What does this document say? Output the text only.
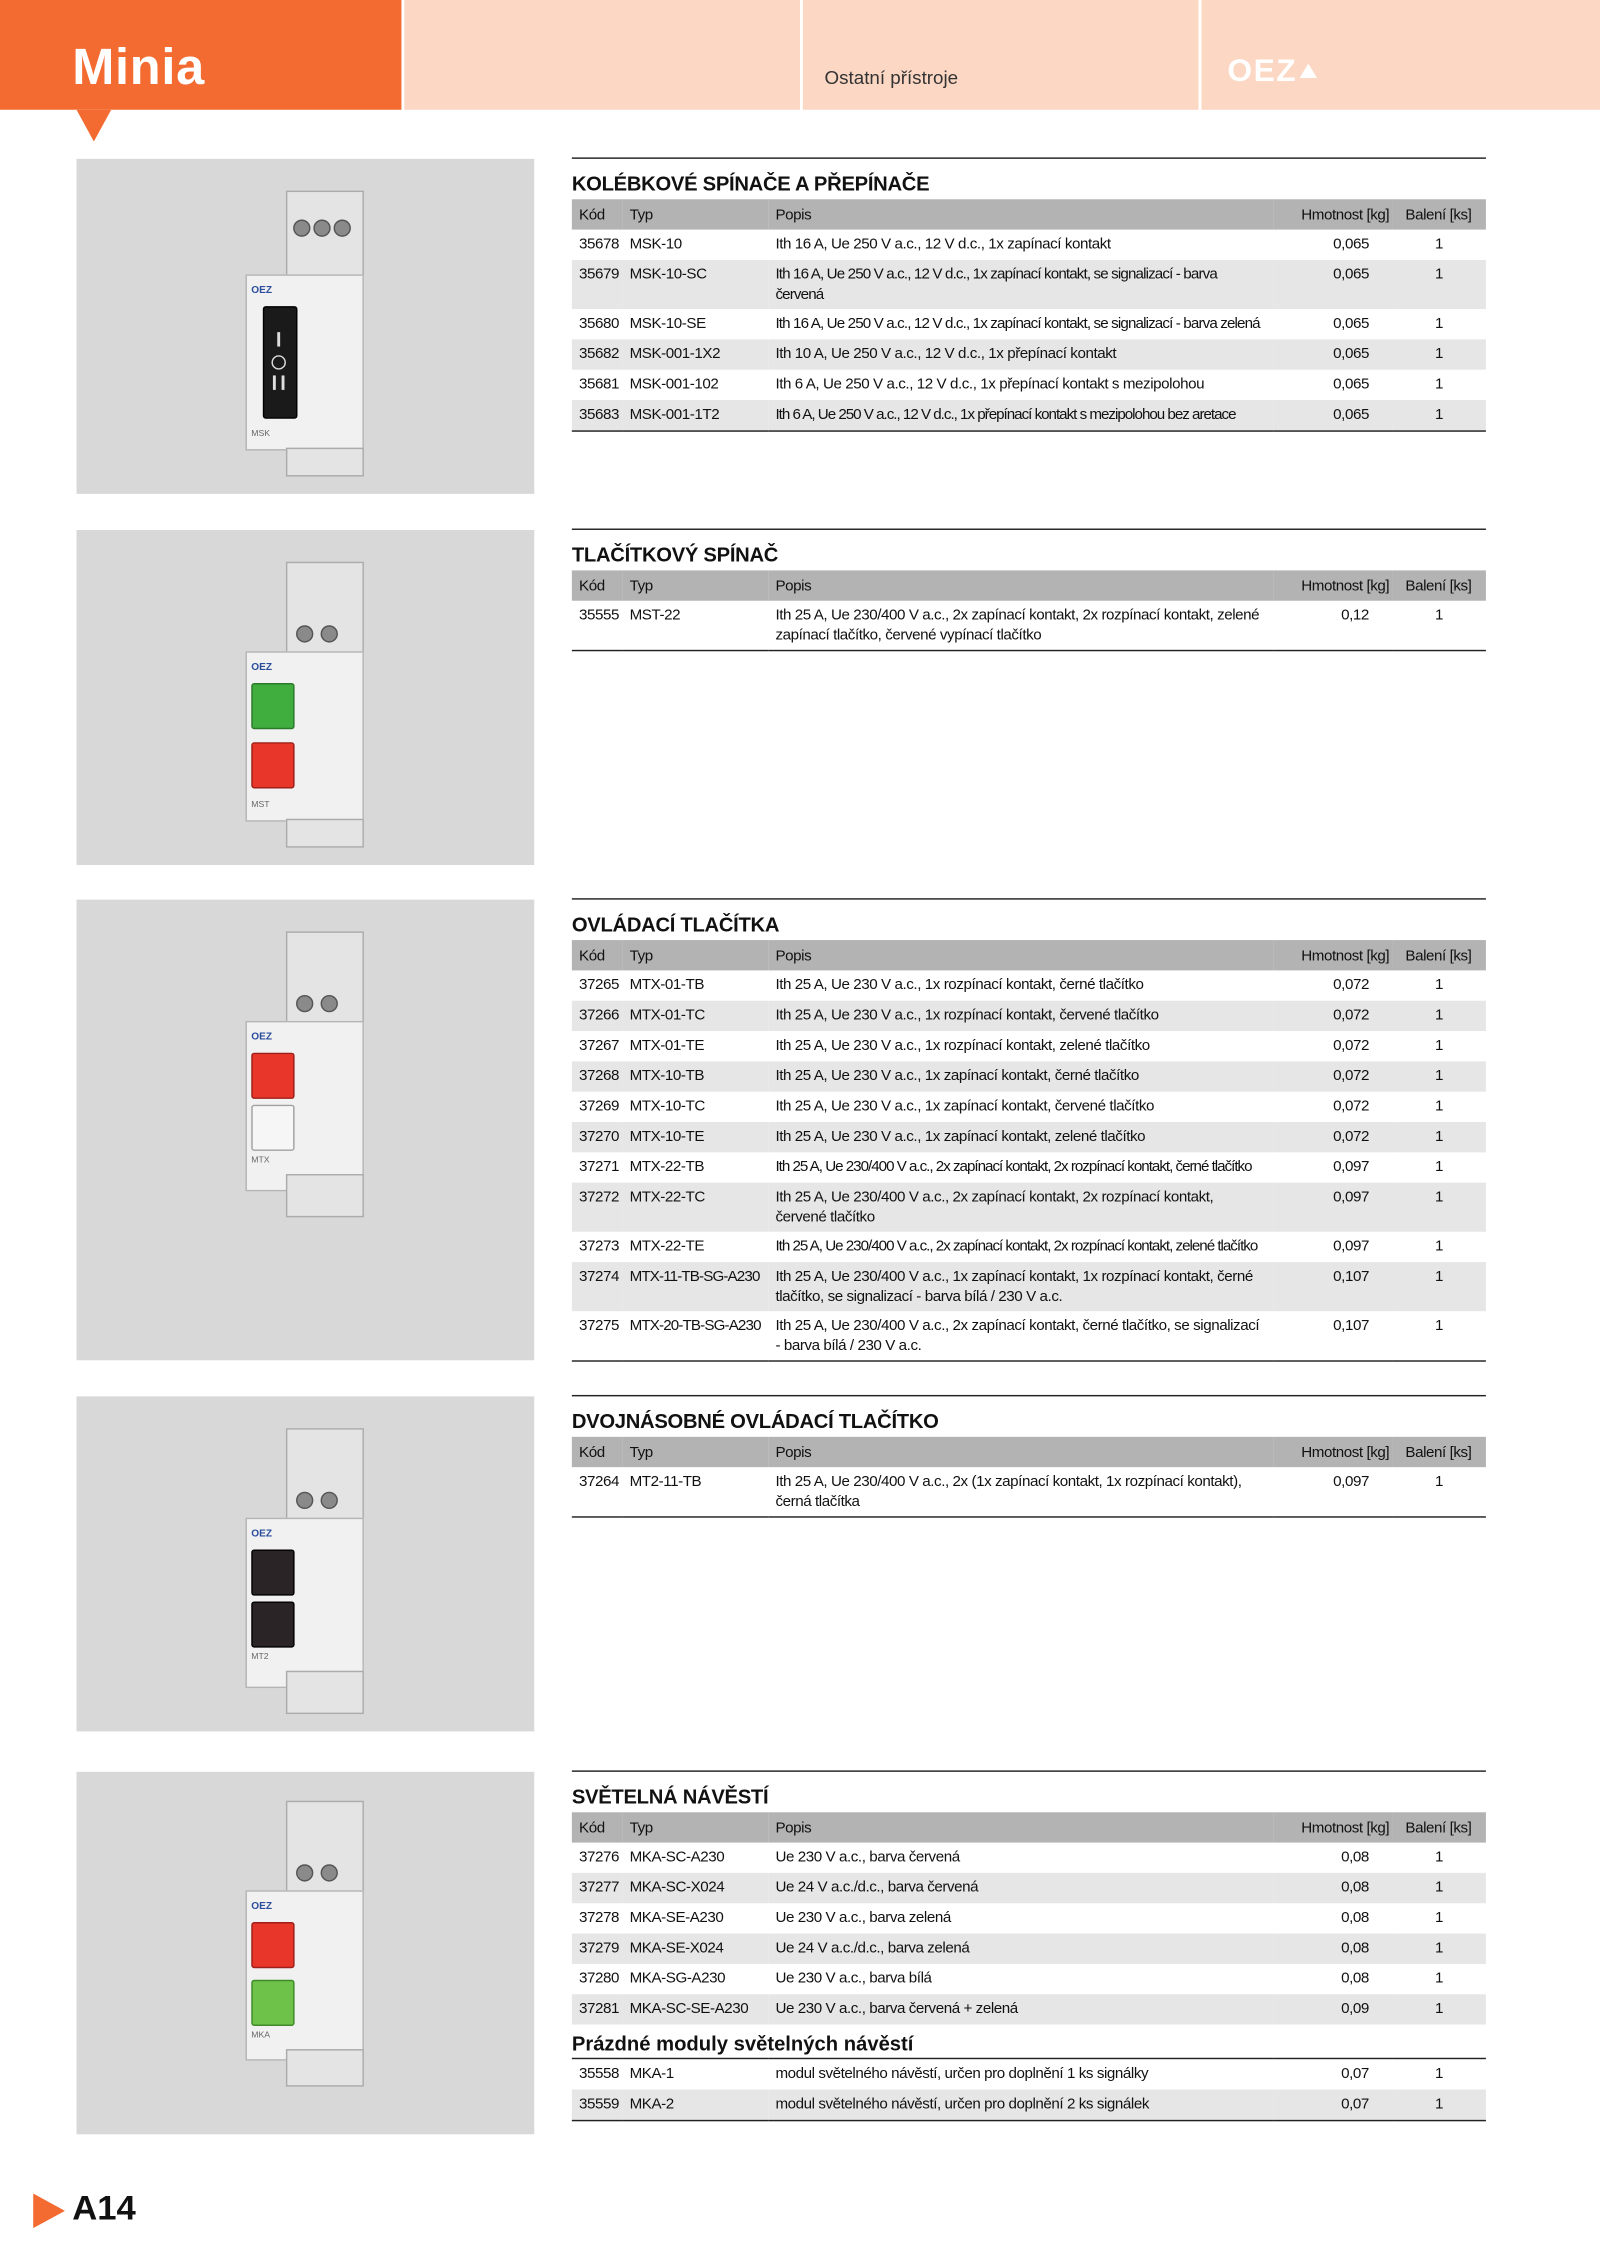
Minia	Ostatní přístroje	OEZ
OEZ
MSK
KOLÉBKOVÉ SPÍNAČE A PŘEPÍNAČE
Kód	Typ	Popis	Hmotnost [kg]	Balení [ks]
35678	MSK-10	Ith 16 A, Ue 250 V a.c., 12 V d.c., 1x zapínací kontakt	0,065	1
35679	MSK-10-SC	Ith 16 A, Ue 250 V a.c., 12 V d.c., 1x zapínací kontakt, se signalizací - barva červená	0,065	1
35680	MSK-10-SE	Ith 16 A, Ue 250 V a.c., 12 V d.c., 1x zapínací kontakt, se signalizací - barva zelená	0,065	1
35682	MSK-001-1X2	Ith 10 A, Ue 250 V a.c., 12 V d.c., 1x přepínací kontakt	0,065	1
35681	MSK-001-102	Ith 6 A, Ue 250 V a.c., 12 V d.c., 1x přepínací kontakt s mezipolohou	0,065	1
35683	MSK-001-1T2	Ith 6 A, Ue 250 V a.c., 12 V d.c., 1x přepínací kontakt s mezipolohou bez aretace	0,065	1
OEZ
MST
TLAČÍTKOVÝ SPÍNAČ
Kód	Typ	Popis	Hmotnost [kg]	Balení [ks]
35555	MST-22	Ith 25 A, Ue 230/400 V a.c., 2x zapínací kontakt, 2x rozpínací kontakt, zelené zapínací tlačítko, červené vypínací tlačítko	0,12	1
OEZ
MTX
OVLÁDACÍ TLAČÍTKA
Kód	Typ	Popis	Hmotnost [kg]	Balení [ks]
37265	MTX-01-TB	Ith 25 A, Ue 230 V a.c., 1x rozpínací kontakt, černé tlačítko	0,072	1
37266	MTX-01-TC	Ith 25 A, Ue 230 V a.c., 1x rozpínací kontakt, červené tlačítko	0,072	1
37267	MTX-01-TE	Ith 25 A, Ue 230 V a.c., 1x rozpínací kontakt, zelené tlačítko	0,072	1
37268	MTX-10-TB	Ith 25 A, Ue 230 V a.c., 1x zapínací kontakt, černé tlačítko	0,072	1
37269	MTX-10-TC	Ith 25 A, Ue 230 V a.c., 1x zapínací kontakt, červené tlačítko	0,072	1
37270	MTX-10-TE	Ith 25 A, Ue 230 V a.c., 1x zapínací kontakt, zelené tlačítko	0,072	1
37271	MTX-22-TB	Ith 25 A, Ue 230/400 V a.c., 2x zapínací kontakt, 2x rozpínací kontakt, černé tlačítko	0,097	1
37272	MTX-22-TC	Ith 25 A, Ue 230/400 V a.c., 2x zapínací kontakt, 2x rozpínací kontakt, červené tlačítko	0,097	1
37273	MTX-22-TE	Ith 25 A, Ue 230/400 V a.c., 2x zapínací kontakt, 2x rozpínací kontakt, zelené tlačítko	0,097	1
37274	MTX-11-TB-SG-A230	Ith 25 A, Ue 230/400 V a.c., 1x zapínací kontakt, 1x rozpínací kontakt, černé tlačítko, se signalizací - barva bílá / 230 V a.c.	0,107	1
37275	MTX-20-TB-SG-A230	Ith 25 A, Ue 230/400 V a.c., 2x zapínací kontakt, černé tlačítko, se signalizací - barva bílá / 230 V a.c.	0,107	1
OEZ
MT2
DVOJNÁSOBNÉ OVLÁDACÍ TLAČÍTKO
Kód	Typ	Popis	Hmotnost [kg]	Balení [ks]
37264	MT2-11-TB	Ith 25 A, Ue 230/400 V a.c., 2x (1x zapínací kontakt, 1x rozpínací kontakt), černá tlačítka	0,097	1
OEZ
MKA
SVĚTELNÁ NÁVĚSTÍ
Kód	Typ	Popis	Hmotnost [kg]	Balení [ks]
37276	MKA-SC-A230	Ue 230 V a.c., barva červená	0,08	1
37277	MKA-SC-X024	Ue 24 V a.c./d.c., barva červená	0,08	1
37278	MKA-SE-A230	Ue 230 V a.c., barva zelená	0,08	1
37279	MKA-SE-X024	Ue 24 V a.c./d.c., barva zelená	0,08	1
37280	MKA-SG-A230	Ue 230 V a.c., barva bílá	0,08	1
37281	MKA-SC-SE-A230	Ue 230 V a.c., barva červená + zelená	0,09	1
Prázdné moduly světelných návěstí
35558	MKA-1	modul světelného návěstí, určen pro doplnění 1 ks signálky	0,07	1
35559	MKA-2	modul světelného návěstí, určen pro doplnění 2 ks signálek	0,07	1
A14
